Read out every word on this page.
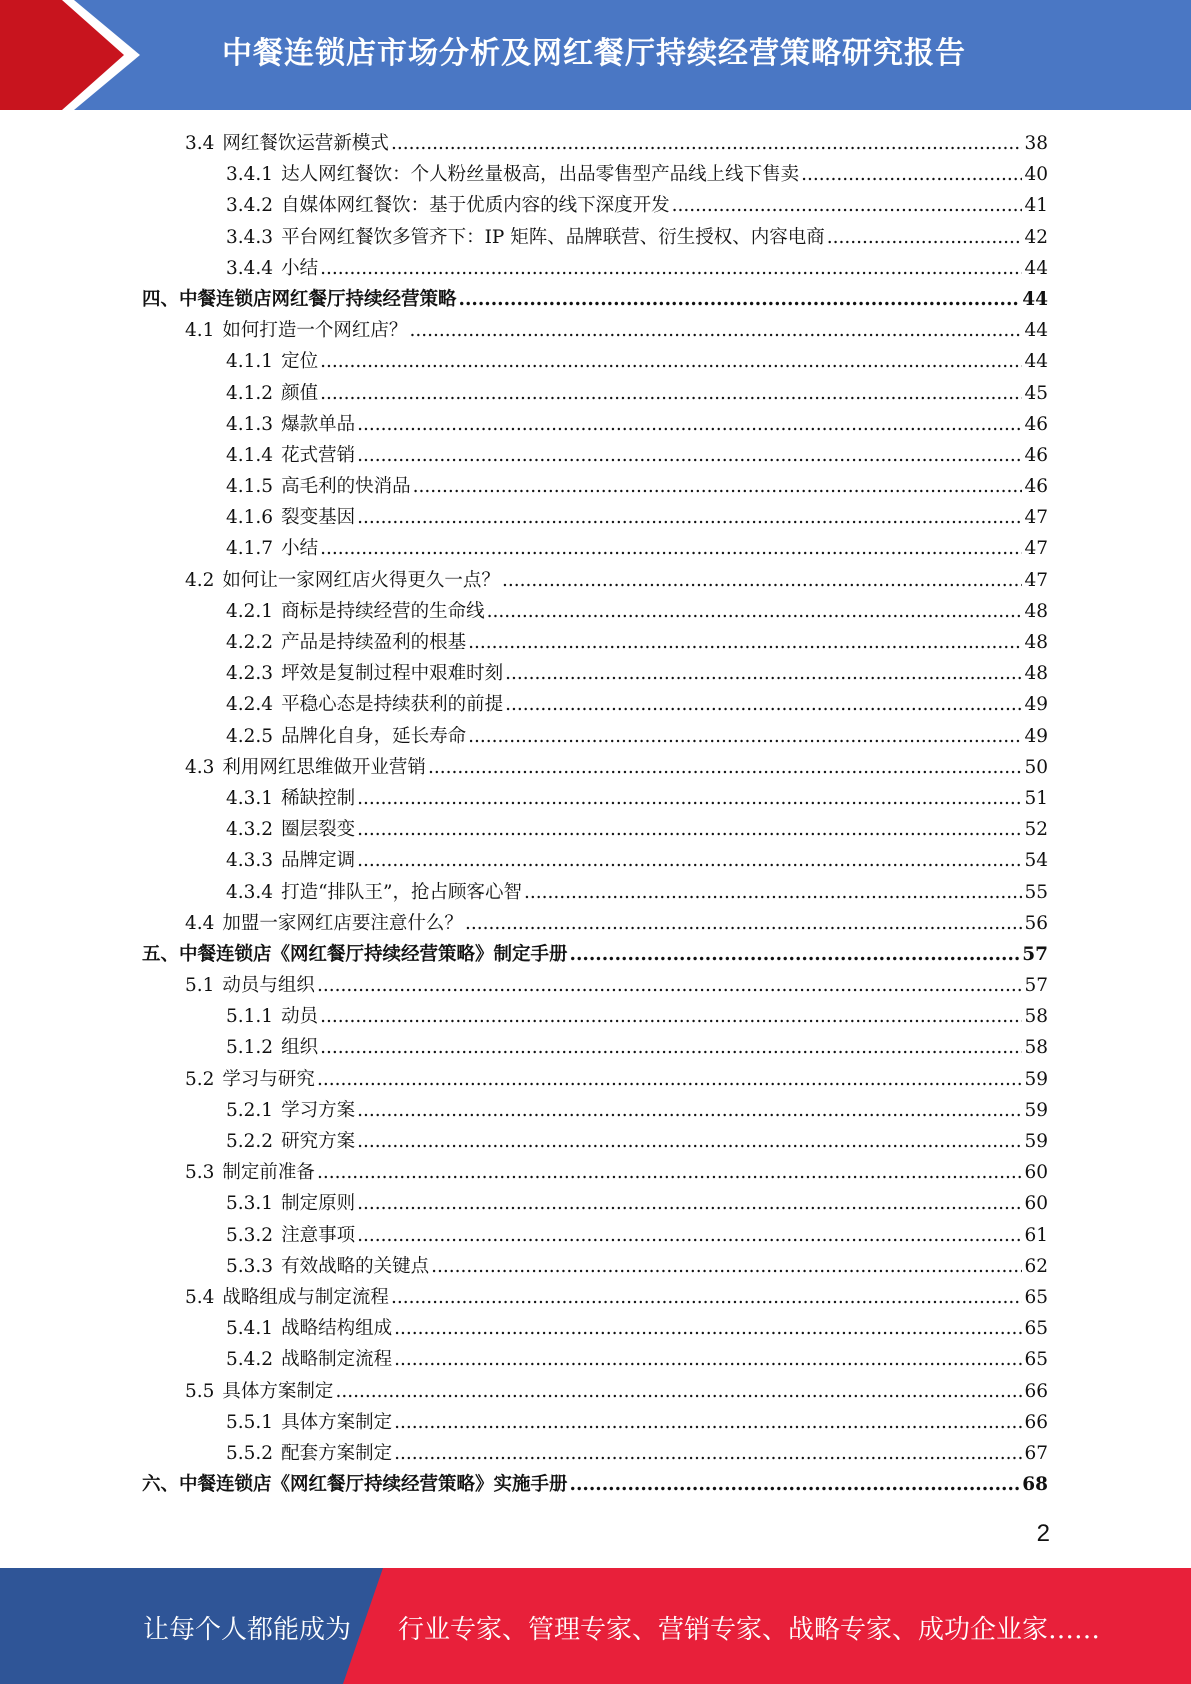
中餐连锁店市场分析及网红餐厅持续经营策略研究报告
3.4 网红餐饮运营新模式 .....	38
3.4.1 达人网红餐饮：个人粉丝量极高，出品零售型产品线上线下售卖 .....	40
3.4.2 自媒体网红餐饮：基于优质内容的线下深度开发 .....	41
3.4.3 平台网红餐饮多管齐下：IP 矩阵、品牌联营、衍生授权、内容电商 .....	42
3.4.4 小结 .....	44
四、中餐连锁店网红餐厅持续经营策略 .....	44
4.1 如何打造一个网红店？ .....	44
4.1.1 定位 .....	44
4.1.2 颜值 .....	45
4.1.3 爆款单品 .....	46
4.1.4 花式营销 .....	46
4.1.5 高毛利的快消品 .....	46
4.1.6 裂变基因 .....	47
4.1.7 小结 .....	47
4.2 如何让一家网红店火得更久一点？ .....	47
4.2.1 商标是持续经营的生命线 .....	48
4.2.2 产品是持续盈利的根基 .....	48
4.2.3 坪效是复制过程中艰难时刻 .....	48
4.2.4 平稳心态是持续获利的前提 .....	49
4.2.5 品牌化自身，延长寿命 .....	49
4.3 利用网红思维做开业营销 .....	50
4.3.1 稀缺控制 .....	51
4.3.2 圈层裂变 .....	52
4.3.3 品牌定调 .....	54
4.3.4 打造“排队王”，抢占顾客心智 .....	55
4.4 加盟一家网红店要注意什么？ .....	56
五、中餐连锁店《网红餐厅持续经营策略》制定手册 .....	57
5.1 动员与组织 .....	57
5.1.1 动员 .....	58
5.1.2 组织 .....	58
5.2 学习与研究 .....	59
5.2.1 学习方案 .....	59
5.2.2 研究方案 .....	59
5.3 制定前准备 .....	60
5.3.1 制定原则 .....	60
5.3.2 注意事项 .....	61
5.3.3 有效战略的关键点 .....	62
5.4 战略组成与制定流程 .....	65
5.4.1 战略结构组成 .....	65
5.4.2 战略制定流程 .....	65
5.5 具体方案制定 .....	66
5.5.1 具体方案制定 .....	66
5.5.2 配套方案制定 .....	67
六、中餐连锁店《网红餐厅持续经营策略》实施手册 .....	68
2
让每个人都能成为 行业专家、管理专家、营销专家、战略专家、成功企业家……
